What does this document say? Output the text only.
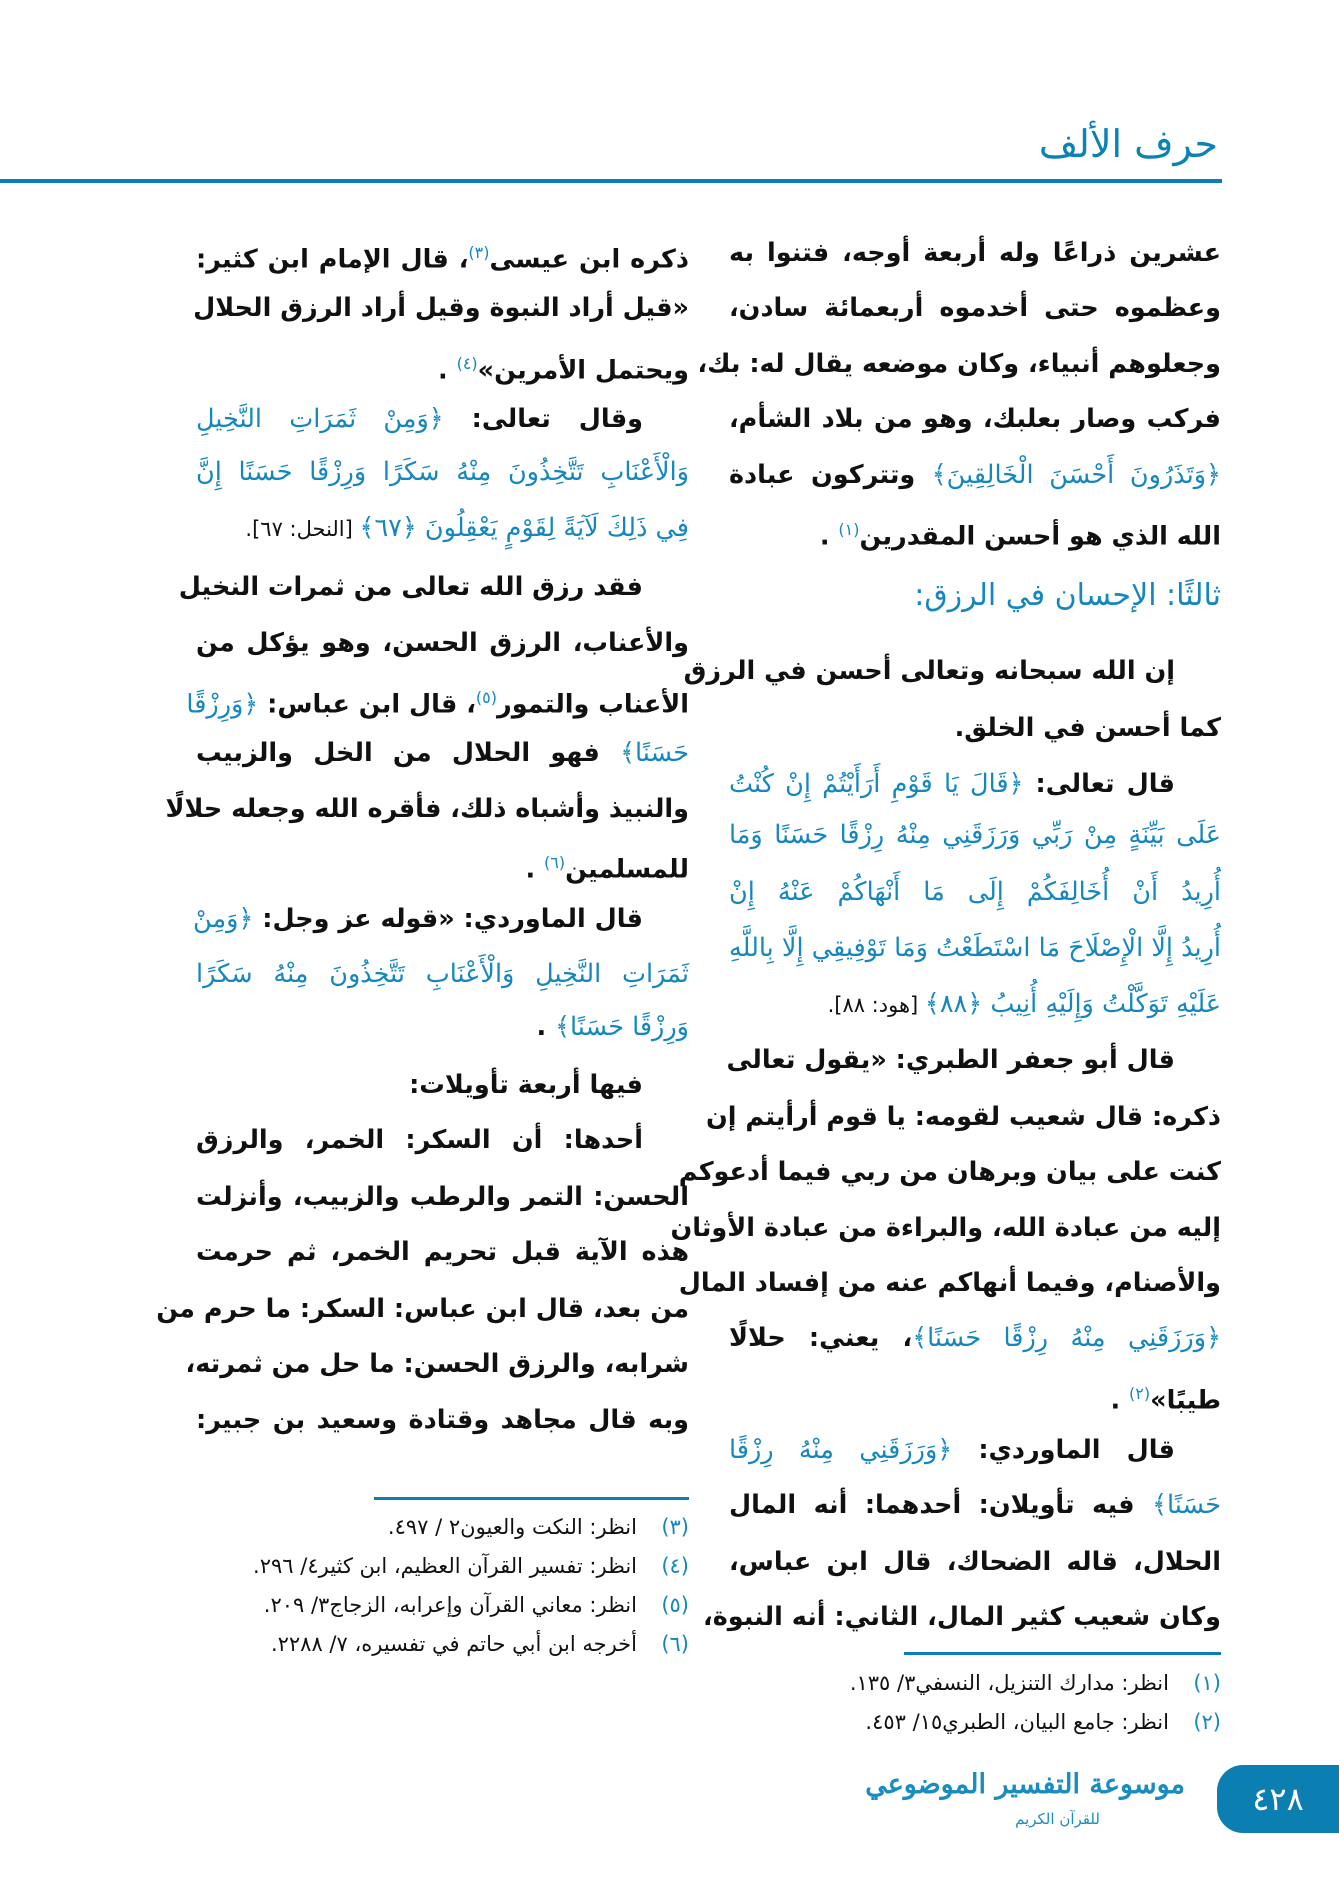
حرف الألف
عشرين ذراعًا وله أربعة أوجه، فتنوا به
وعظموه حتى أخدموه أربعمائة سادن،
وجعلوهم أنبياء، وكان موضعه يقال له: بك،
فركب وصار بعلبك، وهو من بلاد الشأم،
﴿وَتَذَرُونَ أَحْسَنَ الْخَالِقِينَ﴾ وتتركون عبادة
الله الذي هو أحسن المقدرين$^{(١)}$ .
إن الله سبحانه وتعالى أحسن في الرزق
كما أحسن في الخلق.
قال تعالى: ﴿قَالَ يَا قَوْمِ أَرَأَيْتُمْ إِنْ كُنْتُ
عَلَى بَيِّنَةٍ مِنْ رَبِّي وَرَزَقَنِي مِنْهُ رِزْقًا حَسَنًا وَمَا
أُرِيدُ أَنْ أُخَالِفَكُمْ إِلَى مَا أَنْهَاكُمْ عَنْهُ إِنْ
أُرِيدُ إِلَّا الْإِصْلَاحَ مَا اسْتَطَعْتُ وَمَا تَوْفِيقِي إِلَّا بِاللَّهِ
عَلَيْهِ تَوَكَّلْتُ وَإِلَيْهِ أُنِيبُ ﴿٨٨﴾ [هود: ٨٨].
قال أبو جعفر الطبري: «يقول تعالى
ذكره: قال شعيب لقومه: يا قوم أرأيتم إن
كنت على بيان وبرهان من ربي فيما أدعوكم
إليه من عبادة الله، والبراءة من عبادة الأوثان
والأصنام، وفيما أنهاكم عنه من إفساد المال
﴿وَرَزَقَنِي مِنْهُ رِزْقًا حَسَنًا﴾، يعني: حلالًا
طيبًا»$^{(٢)}$ .
قال الماوردي: ﴿وَرَزَقَنِي مِنْهُ رِزْقًا
حَسَنًا﴾ فيه تأويلان: أحدهما: أنه المال
الحلال، قاله الضحاك، قال ابن عباس،
وكان شعيب كثير المال، الثاني: أنه النبوة،
ثالثًا: الإحسان في الرزق:
ذكره ابن عيسى$^{(٣)}$، قال الإمام ابن كثير:
«قيل أراد النبوة وقيل أراد الرزق الحلال
ويحتمل الأمرين»$^{(٤)}$ .
وقال تعالى: ﴿وَمِنْ ثَمَرَاتِ النَّخِيلِ
وَالْأَعْنَابِ تَتَّخِذُونَ مِنْهُ سَكَرًا وَرِزْقًا حَسَنًا إِنَّ
فِي ذَلِكَ لَآيَةً لِقَوْمٍ يَعْقِلُونَ ﴿٦٧﴾ [النحل: ٦٧].
فقد رزق الله تعالى من ثمرات النخيل
والأعناب، الرزق الحسن، وهو يؤكل من
الأعناب والتمور$^{(٥)}$، قال ابن عباس: ﴿وَرِزْقًا
حَسَنًا﴾ فهو الحلال من الخل والزبيب
والنبيذ وأشباه ذلك، فأقره الله وجعله حلالًا
للمسلمين$^{(٦)}$ .
قال الماوردي: «قوله عز وجل: ﴿وَمِنْ
ثَمَرَاتِ النَّخِيلِ وَالْأَعْنَابِ تَتَّخِذُونَ مِنْهُ سَكَرًا
وَرِزْقًا حَسَنًا﴾ .
فيها أربعة تأويلات:
أحدها: أن السكر: الخمر، والرزق
الحسن: التمر والرطب والزبيب، وأنزلت
هذه الآية قبل تحريم الخمر، ثم حرمت
من بعد، قال ابن عباس: السكر: ما حرم من
شرابه، والرزق الحسن: ما حل من ثمرته،
وبه قال مجاهد وقتادة وسعيد بن جبير:
(١)انظر: مدارك التنزيل، النسفي٣/ ١٣٥.
(٢)انظر: جامع البيان، الطبري١٥/ ٤٥٣.
(٣)انظر: النكت والعيون٢ / ٤٩٧.
(٤)انظر: تفسير القرآن العظيم، ابن كثير٤/ ٢٩٦.
(٥)انظر: معاني القرآن وإعرابه، الزجاج٣/ ٢٠٩.
(٦)أخرجه ابن أبي حاتم في تفسيره، ٧/ ٢٢٨٨.
موسوعة التفسير الموضوعي
للقرآن الكريم
٤٢٨
